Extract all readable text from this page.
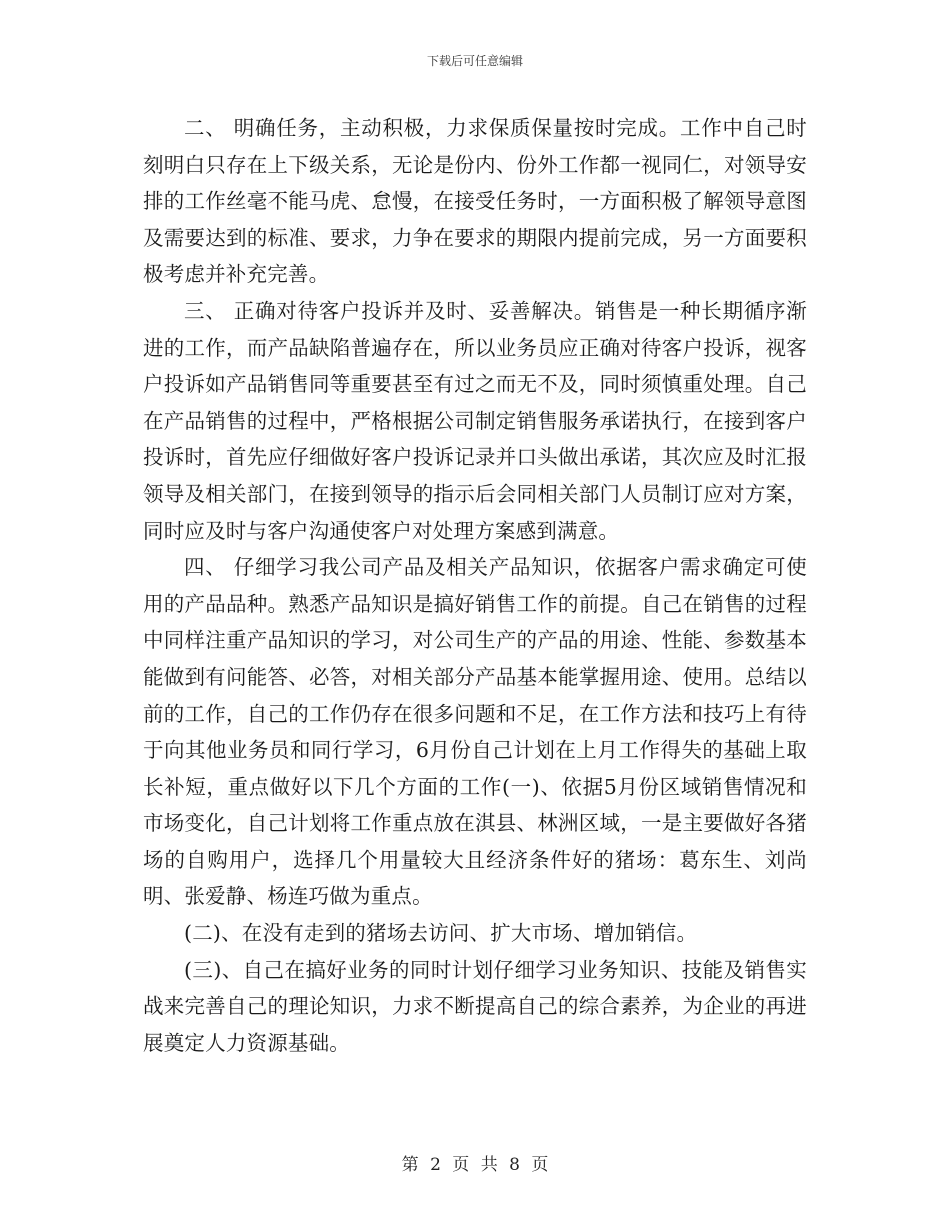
下载后可任意编辑

二、 明确任务，主动积极，力求保质保量按时完成。工作中自己时刻明白只存在上下级关系，无论是份内、份外工作都一视同仁，对领导安排的工作丝毫不能马虎、怠慢，在接受任务时，一方面积极了解领导意图及需要达到的标准、要求，力争在要求的期限内提前完成，另一方面要积极考虑并补充完善。

三、 正确对待客户投诉并及时、妥善解决。销售是一种长期循序渐进的工作，而产品缺陷普遍存在，所以业务员应正确对待客户投诉，视客户投诉如产品销售同等重要甚至有过之而无不及，同时须慎重处理。自己在产品销售的过程中，严格根据公司制定销售服务承诺执行，在接到客户投诉时，首先应仔细做好客户投诉记录并口头做出承诺，其次应及时汇报领导及相关部门，在接到领导的指示后会同相关部门人员制订应对方案，同时应及时与客户沟通使客户对处理方案感到满意。

四、 仔细学习我公司产品及相关产品知识，依据客户需求确定可使用的产品品种。熟悉产品知识是搞好销售工作的前提。自己在销售的过程中同样注重产品知识的学习，对公司生产的产品的用途、性能、参数基本能做到有问能答、必答，对相关部分产品基本能掌握用途、使用。总结以前的工作，自己的工作仍存在很多问题和不足，在工作方法和技巧上有待于向其他业务员和同行学习，6月份自己计划在上月工作得失的基础上取长补短，重点做好以下几个方面的工作(一)、依据5月份区域销售情况和市场变化，自己计划将工作重点放在淇县、林洲区域，一是主要做好各猪场的自购用户，选择几个用量较大且经济条件好的猪场：葛东生、刘尚明、张爱静、杨连巧做为重点。

(二)、在没有走到的猪场去访问、扩大市场、增加销信。

(三)、自己在搞好业务的同时计划仔细学习业务知识、技能及销售实战来完善自己的理论知识，力求不断提高自己的综合素养，为企业的再进展奠定人力资源基础。

第 2 页 共 8 页
